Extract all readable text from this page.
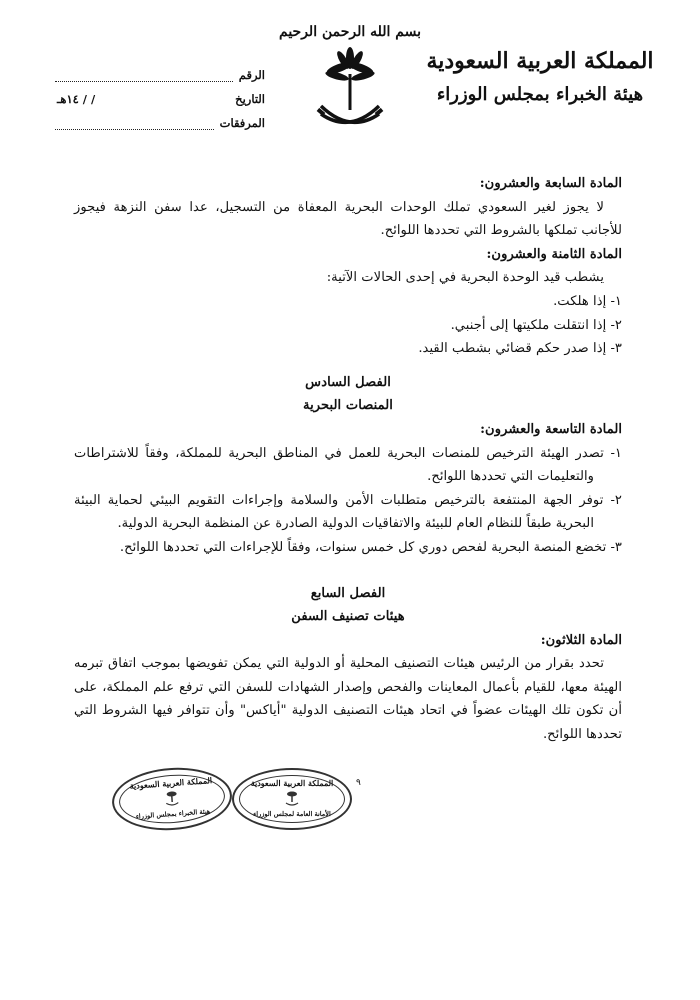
المملكة العربية السعودية
هيئة الخبراء بمجلس الوزراء
بسم الله الرحمن الرحيم
الرقم
التاريخ
/ / ١٤هـ
المرفقات

المادة السابعة والعشرون:

لا يجوز لغير السعودي تملك الوحدات البحرية المعفاة من التسجيل، عدا سفن النزهة فيجوز للأجانب تملكها بالشروط التي تحددها اللوائح.

المادة الثامنة والعشرون:

يشطب قيد الوحدة البحرية في إحدى الحالات الآتية:

١- إذا هلكت.

٢- إذا انتقلت ملكيتها إلى أجنبي.

٣- إذا صدر حكم قضائي بشطب القيد.

الفصل السادس

المنصات البحرية

المادة التاسعة والعشرون:

١- تصدر الهيئة الترخيص للمنصات البحرية للعمل في المناطق البحرية للمملكة، وفقاً للاشتراطات والتعليمات التي تحددها اللوائح.

٢- توفر الجهة المنتفعة بالترخيص متطلبات الأمن والسلامة وإجراءات التقويم البيئي لحماية البيئة البحرية طبقاً للنظام العام للبيئة والاتفاقيات الدولية الصادرة عن المنظمة البحرية الدولية.

٣- تخضع المنصة البحرية لفحص دوري كل خمس سنوات، وفقاً للإجراءات التي تحددها اللوائح.

الفصل السابع

هيئات تصنيف السفن

المادة الثلاثون:

تحدد بقرار من الرئيس هيئات التصنيف المحلية أو الدولية التي يمكن تفويضها بموجب اتفاق تبرمه الهيئة معها، للقيام بأعمال المعاينات والفحص وإصدار الشهادات للسفن التي ترفع علم المملكة، على أن تكون تلك الهيئات عضواً في اتحاد هيئات التصنيف الدولية "أياكس" وأن تتوافر فيها الشروط التي تحددها اللوائح.

المملكة العربية السعودية
الأمانة العامة لمجلس الوزراء
المملكة العربية السعودية
هيئة الخبراء بمجلس الوزراء
٩
